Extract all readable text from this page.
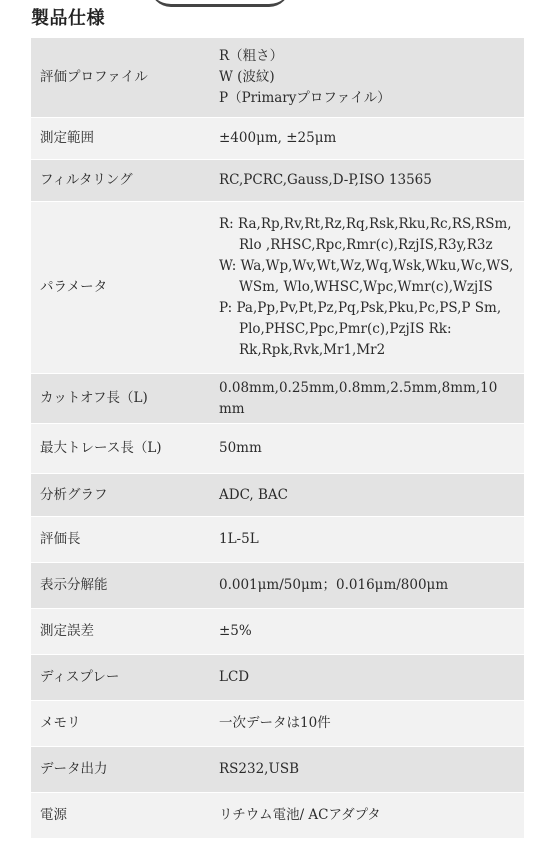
製品仕様
評価プロファイル	R（粗さ）
W (波紋)
P（Primaryプロファイル）

測定範囲	±400μm, ±25μm
フィルタリング	RC,PCRC,Gauss,D-P,ISO 13565
パラメータ	R: Ra,Rp,Rv,Rt,Rz,Rq,Rsk,Rku,Rc,RS,RSm, Rlo ,RHSC,Rpc,Rmr(c),RzjIS,R3y,R3z
W: Wa,Wp,Wv,Wt,Wz,Wq,Wsk,Wku,Wc,WS, WSm, Wlo,WHSC,Wpc,Wmr(c),WzjIS
P: Pa,Pp,Pv,Pt,Pz,Pq,Psk,Pku,Pc,PS,P Sm, Plo,PHSC,Ppc,Pmr(c),PzjIS Rk: Rk,Rpk,Rvk,Mr1,Mr2

カットオフ長（L)	0.08mm,0.25mm,0.8mm,2.5mm,8mm,10 mm
最大トレース長（L)	50mm
分析グラフ	ADC, BAC
評価長	1L-5L
表示分解能	0.001μm/50μm；0.016μm/800μm
測定誤差	±5%
ディスプレー	LCD
メモリ	一次データは10件
データ出力	RS232,USB
電源	リチウム電池/ ACアダプタ
